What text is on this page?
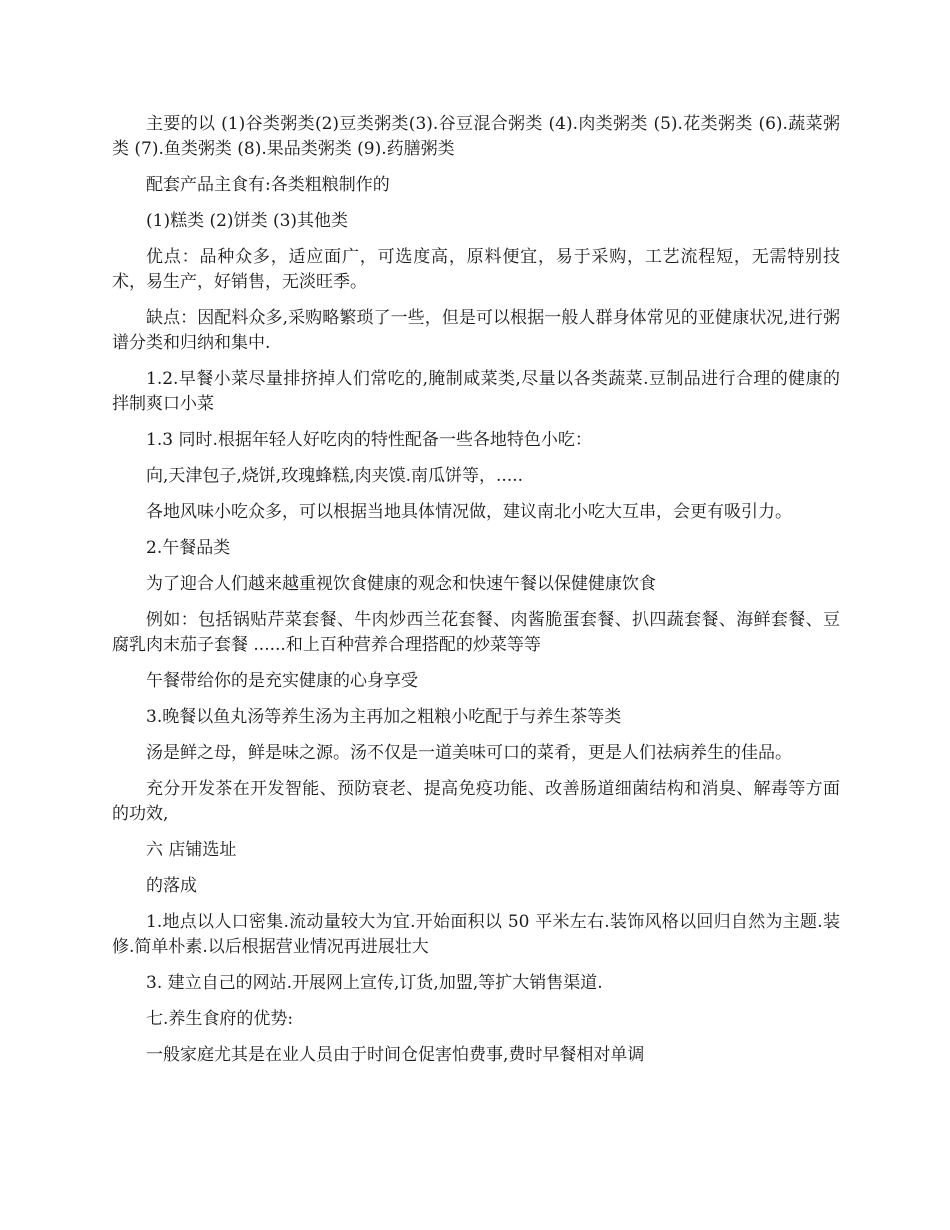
主要的以 (1)谷类粥类(2)豆类粥类(3).谷豆混合粥类 (4).肉类粥类 (5).花类粥类 (6).蔬菜粥类 (7).鱼类粥类 (8).果品类粥类 (9).药膳粥类

配套产品主食有:各类粗粮制作的

(1)糕类 (2)饼类 (3)其他类

优点：品种众多，适应面广，可选度高，原料便宜，易于采购，工艺流程短，无需特别技术，易生产，好销售，无淡旺季。

缺点：因配料众多,采购略繁琐了一些，但是可以根据一般人群身体常见的亚健康状况,进行粥谱分类和归纳和集中.

1.2.早餐小菜尽量排挤掉人们常吃的,腌制咸菜类,尽量以各类蔬菜.豆制品进行合理的健康的拌制爽口小菜

1.3 同时.根据年轻人好吃肉的特性配备一些各地特色小吃：

向,天津包子,烧饼,玫瑰蜂糕,肉夹馍.南瓜饼等，.....

各地风味小吃众多，可以根据当地具体情况做，建议南北小吃大互串，会更有吸引力。

2.午餐品类

为了迎合人们越来越重视饮食健康的观念和快速午餐以保健健康饮食

例如：包括锅贴芹菜套餐、牛肉炒西兰花套餐、肉酱脆蛋套餐、扒四蔬套餐、海鲜套餐、豆腐乳肉末茄子套餐 ......和上百种营养合理搭配的炒菜等等

午餐带给你的是充实健康的心身享受

3.晚餐以鱼丸汤等养生汤为主再加之粗粮小吃配于与养生茶等类

汤是鲜之母，鲜是味之源。汤不仅是一道美味可口的菜肴，更是人们祛病养生的佳品。

充分开发茶在开发智能、预防衰老、提高免疫功能、改善肠道细菌结构和消臭、解毒等方面的功效,

六 店铺选址

的落成

1.地点以人口密集.流动量较大为宜.开始面积以 50 平米左右.装饰风格以回归自然为主题.装修.简单朴素.以后根据营业情况再进展壮大

3. 建立自己的网站.开展网上宣传,订货,加盟,等扩大销售渠道.

七.养生食府的优势:

一般家庭尤其是在业人员由于时间仓促害怕费事,费时早餐相对单调
